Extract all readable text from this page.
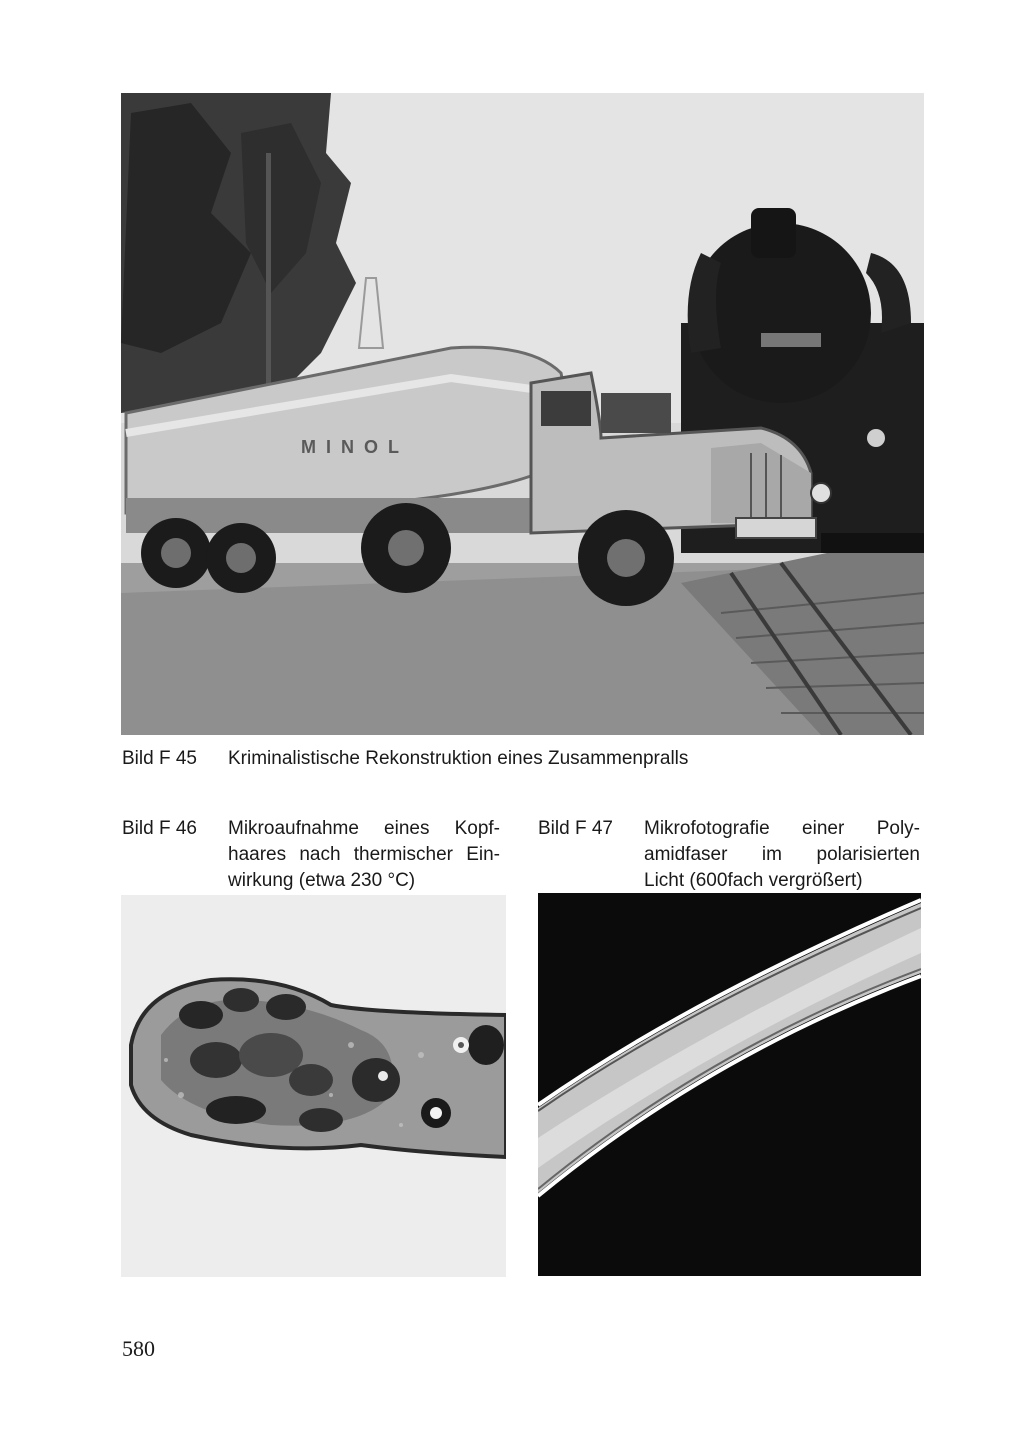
MINOL
Bild F 45 Kriminalistische Rekonstruktion eines Zusammenpralls
Bild F 46 Mikroaufnahme eines Kopf-
haares nach thermischer Ein-
wirkung (etwa 230 °C)
Bild F 47 Mikrofotografie einer Poly-
amidfaser im polarisierten
Licht (600fach vergrößert)
580
